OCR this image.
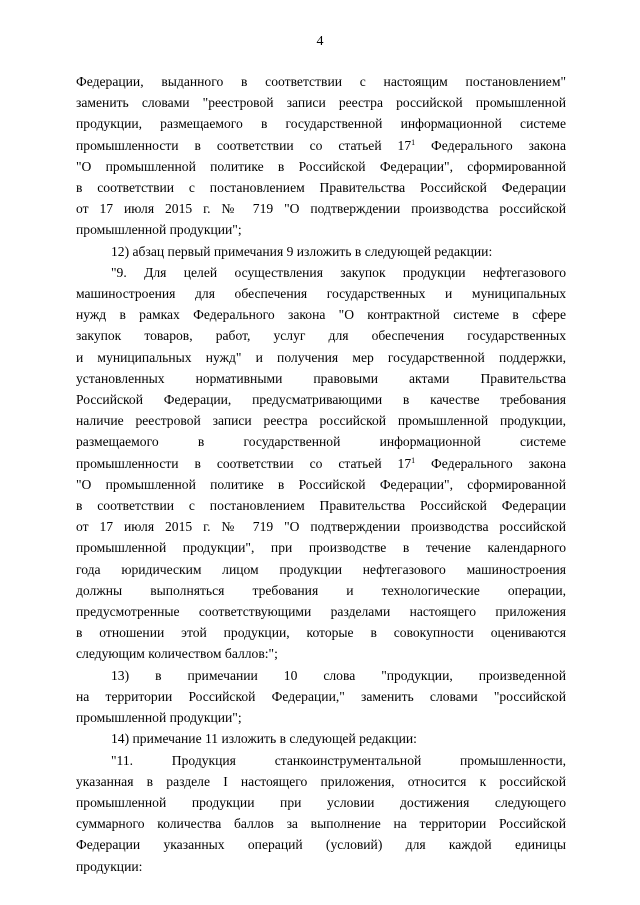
4
Федерации, выданного в соответствии с настоящим постановлением"
заменить словами "реестровой записи реестра российской промышленной
продукции, размещаемого в государственной информационной системе
промышленности в соответствии со статьей $17^1$ Федерального закона
"О промышленной политике в Российской Федерации", сформированной
в соответствии с постановлением Правительства Российской Федерации
от 17 июля 2015 г. № 719 "О подтверждении производства российской
промышленной продукции";
12) абзац первый примечания 9 изложить в следующей редакции:
"9. Для целей осуществления закупок продукции нефтегазового
машиностроения для обеспечения государственных и муниципальных
нужд в рамках Федерального закона "О контрактной системе в сфере
закупок товаров, работ, услуг для обеспечения государственных
и муниципальных нужд" и получения мер государственной поддержки,
установленных нормативными правовыми актами Правительства
Российской Федерации, предусматривающими в качестве требования
наличие реестровой записи реестра российской промышленной продукции,
размещаемого в государственной информационной системе
промышленности в соответствии со статьей $17^1$ Федерального закона
"О промышленной политике в Российской Федерации", сформированной
в соответствии с постановлением Правительства Российской Федерации
от 17 июля 2015 г. № 719 "О подтверждении производства российской
промышленной продукции", при производстве в течение календарного
года юридическим лицом продукции нефтегазового машиностроения
должны выполняться требования и технологические операции,
предусмотренные соответствующими разделами настоящего приложения
в отношении этой продукции, которые в совокупности оцениваются
следующим количеством баллов:";
13) в примечании 10 слова "продукции, произведенной
на территории Российской Федерации," заменить словами "российской
промышленной продукции";
14) примечание 11 изложить в следующей редакции:
"11. Продукция станкоинструментальной промышленности,
указанная в разделе I настоящего приложения, относится к российской
промышленной продукции при условии достижения следующего
суммарного количества баллов за выполнение на территории Российской
Федерации указанных операций (условий) для каждой единицы
продукции:
